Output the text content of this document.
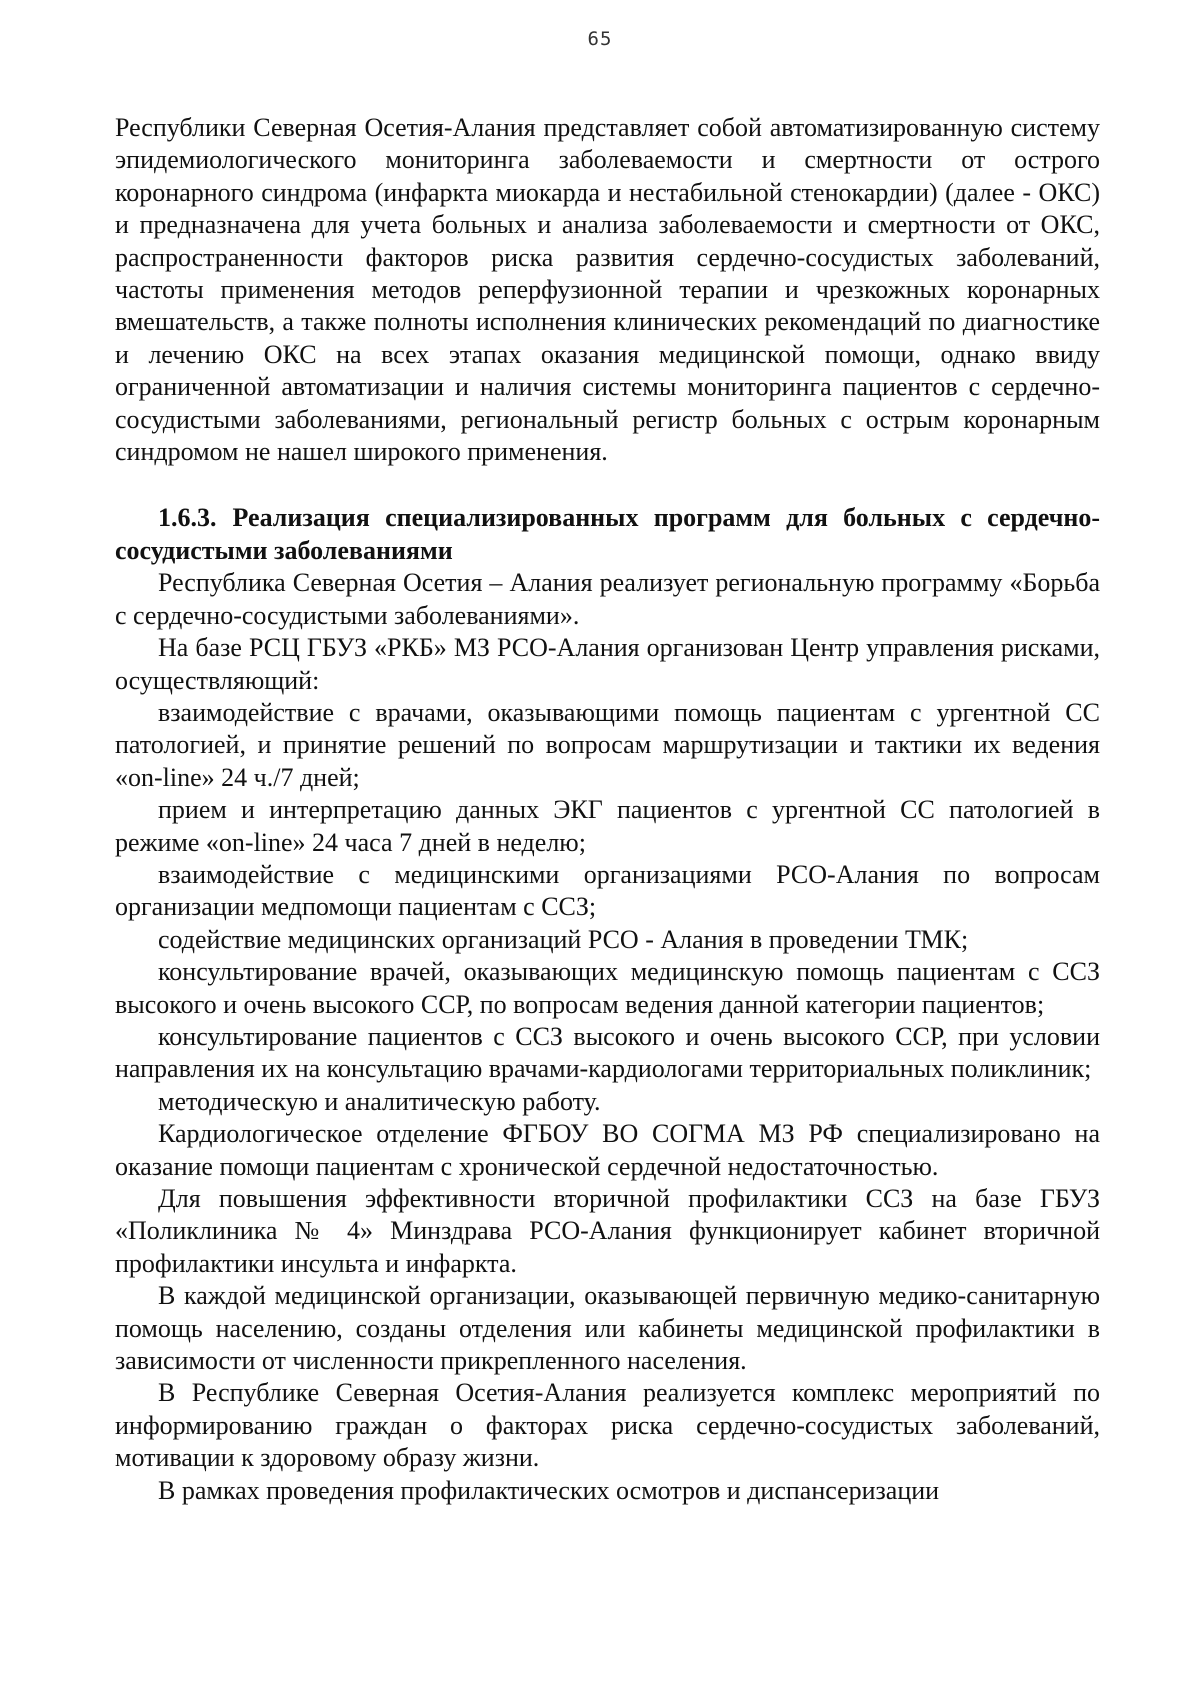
65

Республики Северная Осетия-Алания представляет собой автоматизированную систему эпидемиологического мониторинга заболеваемости и смертности от острого коронарного синдрома (инфаркта миокарда и нестабильной стенокардии) (далее - ОКС) и предназначена для учета больных и анализа заболеваемости и смертности от ОКС, распространенности факторов риска развития сердечно-сосудистых заболеваний, частоты применения методов реперфузионной терапии и чрезкожных коронарных вмешательств, а также полноты исполнения клинических рекомендаций по диагностике и лечению ОКС на всех этапах оказания медицинской помощи, однако ввиду ограниченной автоматизации и наличия системы мониторинга пациентов с сердечно-сосудистыми заболеваниями, региональный регистр больных с острым коронарным синдромом не нашел широкого применения.

1.6.3. Реализация специализированных программ для больных с сердечно-сосудистыми заболеваниями

Республика Северная Осетия – Алания реализует региональную программу «Борьба с сердечно-сосудистыми заболеваниями».

На базе РСЦ ГБУЗ «РКБ» МЗ РСО-Алания организован Центр управления рисками, осуществляющий:

взаимодействие с врачами, оказывающими помощь пациентам с ургентной СС патологией, и принятие решений по вопросам маршрутизации и тактики их ведения «on-line» 24 ч./7 дней;

прием и интерпретацию данных ЭКГ пациентов с ургентной СС патологией в режиме «on-line» 24 часа 7 дней в неделю;

взаимодействие с медицинскими организациями РСО-Алания по вопросам организации медпомощи пациентам с ССЗ;

содействие медицинских организаций РСО - Алания в проведении ТМК;

консультирование врачей, оказывающих медицинскую помощь пациентам с ССЗ высокого и очень высокого ССР, по вопросам ведения данной категории пациентов;

консультирование пациентов с ССЗ высокого и очень высокого ССР, при условии направления их на консультацию врачами-кардиологами территориальных поликлиник;

методическую и аналитическую работу.

Кардиологическое отделение ФГБОУ ВО СОГМА МЗ РФ специализировано на оказание помощи пациентам с хронической сердечной недостаточностью.

Для повышения эффективности вторичной профилактики ССЗ на базе ГБУЗ «Поликлиника № 4» Минздрава РСО-Алания функционирует кабинет вторичной профилактики инсульта и инфаркта.

В каждой медицинской организации, оказывающей первичную медико-санитарную помощь населению, созданы отделения или кабинеты медицинской профилактики в зависимости от численности прикрепленного населения.

В Республике Северная Осетия-Алания реализуется комплекс мероприятий по информированию граждан о факторах риска сердечно-сосудистых заболеваний, мотивации к здоровому образу жизни.

В рамках проведения профилактических осмотров и диспансеризации
